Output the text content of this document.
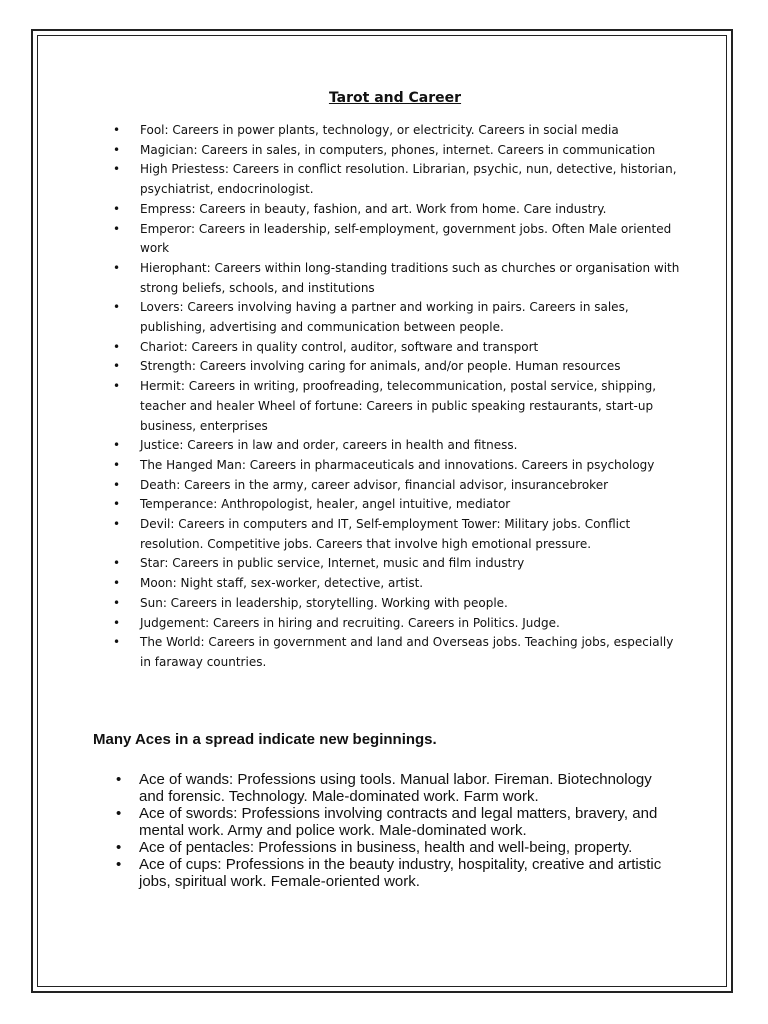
Tarot and Career
• Fool: Careers in power plants, technology, or electricity. Careers in social media
• Magician: Careers in sales, in computers, phones, internet. Careers in communication
• High Priestess: Careers in conflict resolution. Librarian, psychic, nun, detective, historian, psychiatrist, endocrinologist.
• Empress: Careers in beauty, fashion, and art. Work from home. Care industry.
• Emperor: Careers in leadership, self-employment, government jobs. Often Male oriented work
• Hierophant: Careers within long-standing traditions such as churches or organisation with strong beliefs, schools, and institutions
• Lovers: Careers involving having a partner and working in pairs. Careers in sales, publishing, advertising and communication between people.
• Chariot: Careers in quality control, auditor, software and transport
• Strength: Careers involving caring for animals, and/or people. Human resources
• Hermit: Careers in writing, proofreading, telecommunication, postal service, shipping, teacher and healer Wheel of fortune: Careers in public speaking restaurants, start-up business, enterprises
• Justice: Careers in law and order, careers in health and fitness.
• The Hanged Man: Careers in pharmaceuticals and innovations. Careers in psychology
• Death: Careers in the army, career advisor, financial advisor, insurancebroker
• Temperance: Anthropologist, healer, angel intuitive, mediator
• Devil: Careers in computers and IT, Self-employment Tower: Military jobs. Conflict resolution. Competitive jobs. Careers that involve high emotional pressure.
• Star: Careers in public service, Internet, music and film industry
• Moon: Night staff, sex-worker, detective, artist.
• Sun: Careers in leadership, storytelling. Working with people.
• Judgement: Careers in hiring and recruiting. Careers in Politics. Judge.
• The World: Careers in government and land and Overseas jobs. Teaching jobs, especially in faraway countries.
Many Aces in a spread indicate new beginnings.
• Ace of wands: Professions using tools. Manual labor. Fireman. Biotechnology and forensic. Technology. Male-dominated work. Farm work.
• Ace of swords: Professions involving contracts and legal matters, bravery, and mental work. Army and police work. Male-dominated work.
• Ace of pentacles: Professions in business, health and well-being, property.
• Ace of cups: Professions in the beauty industry, hospitality, creative and artistic jobs, spiritual work. Female-oriented work.
